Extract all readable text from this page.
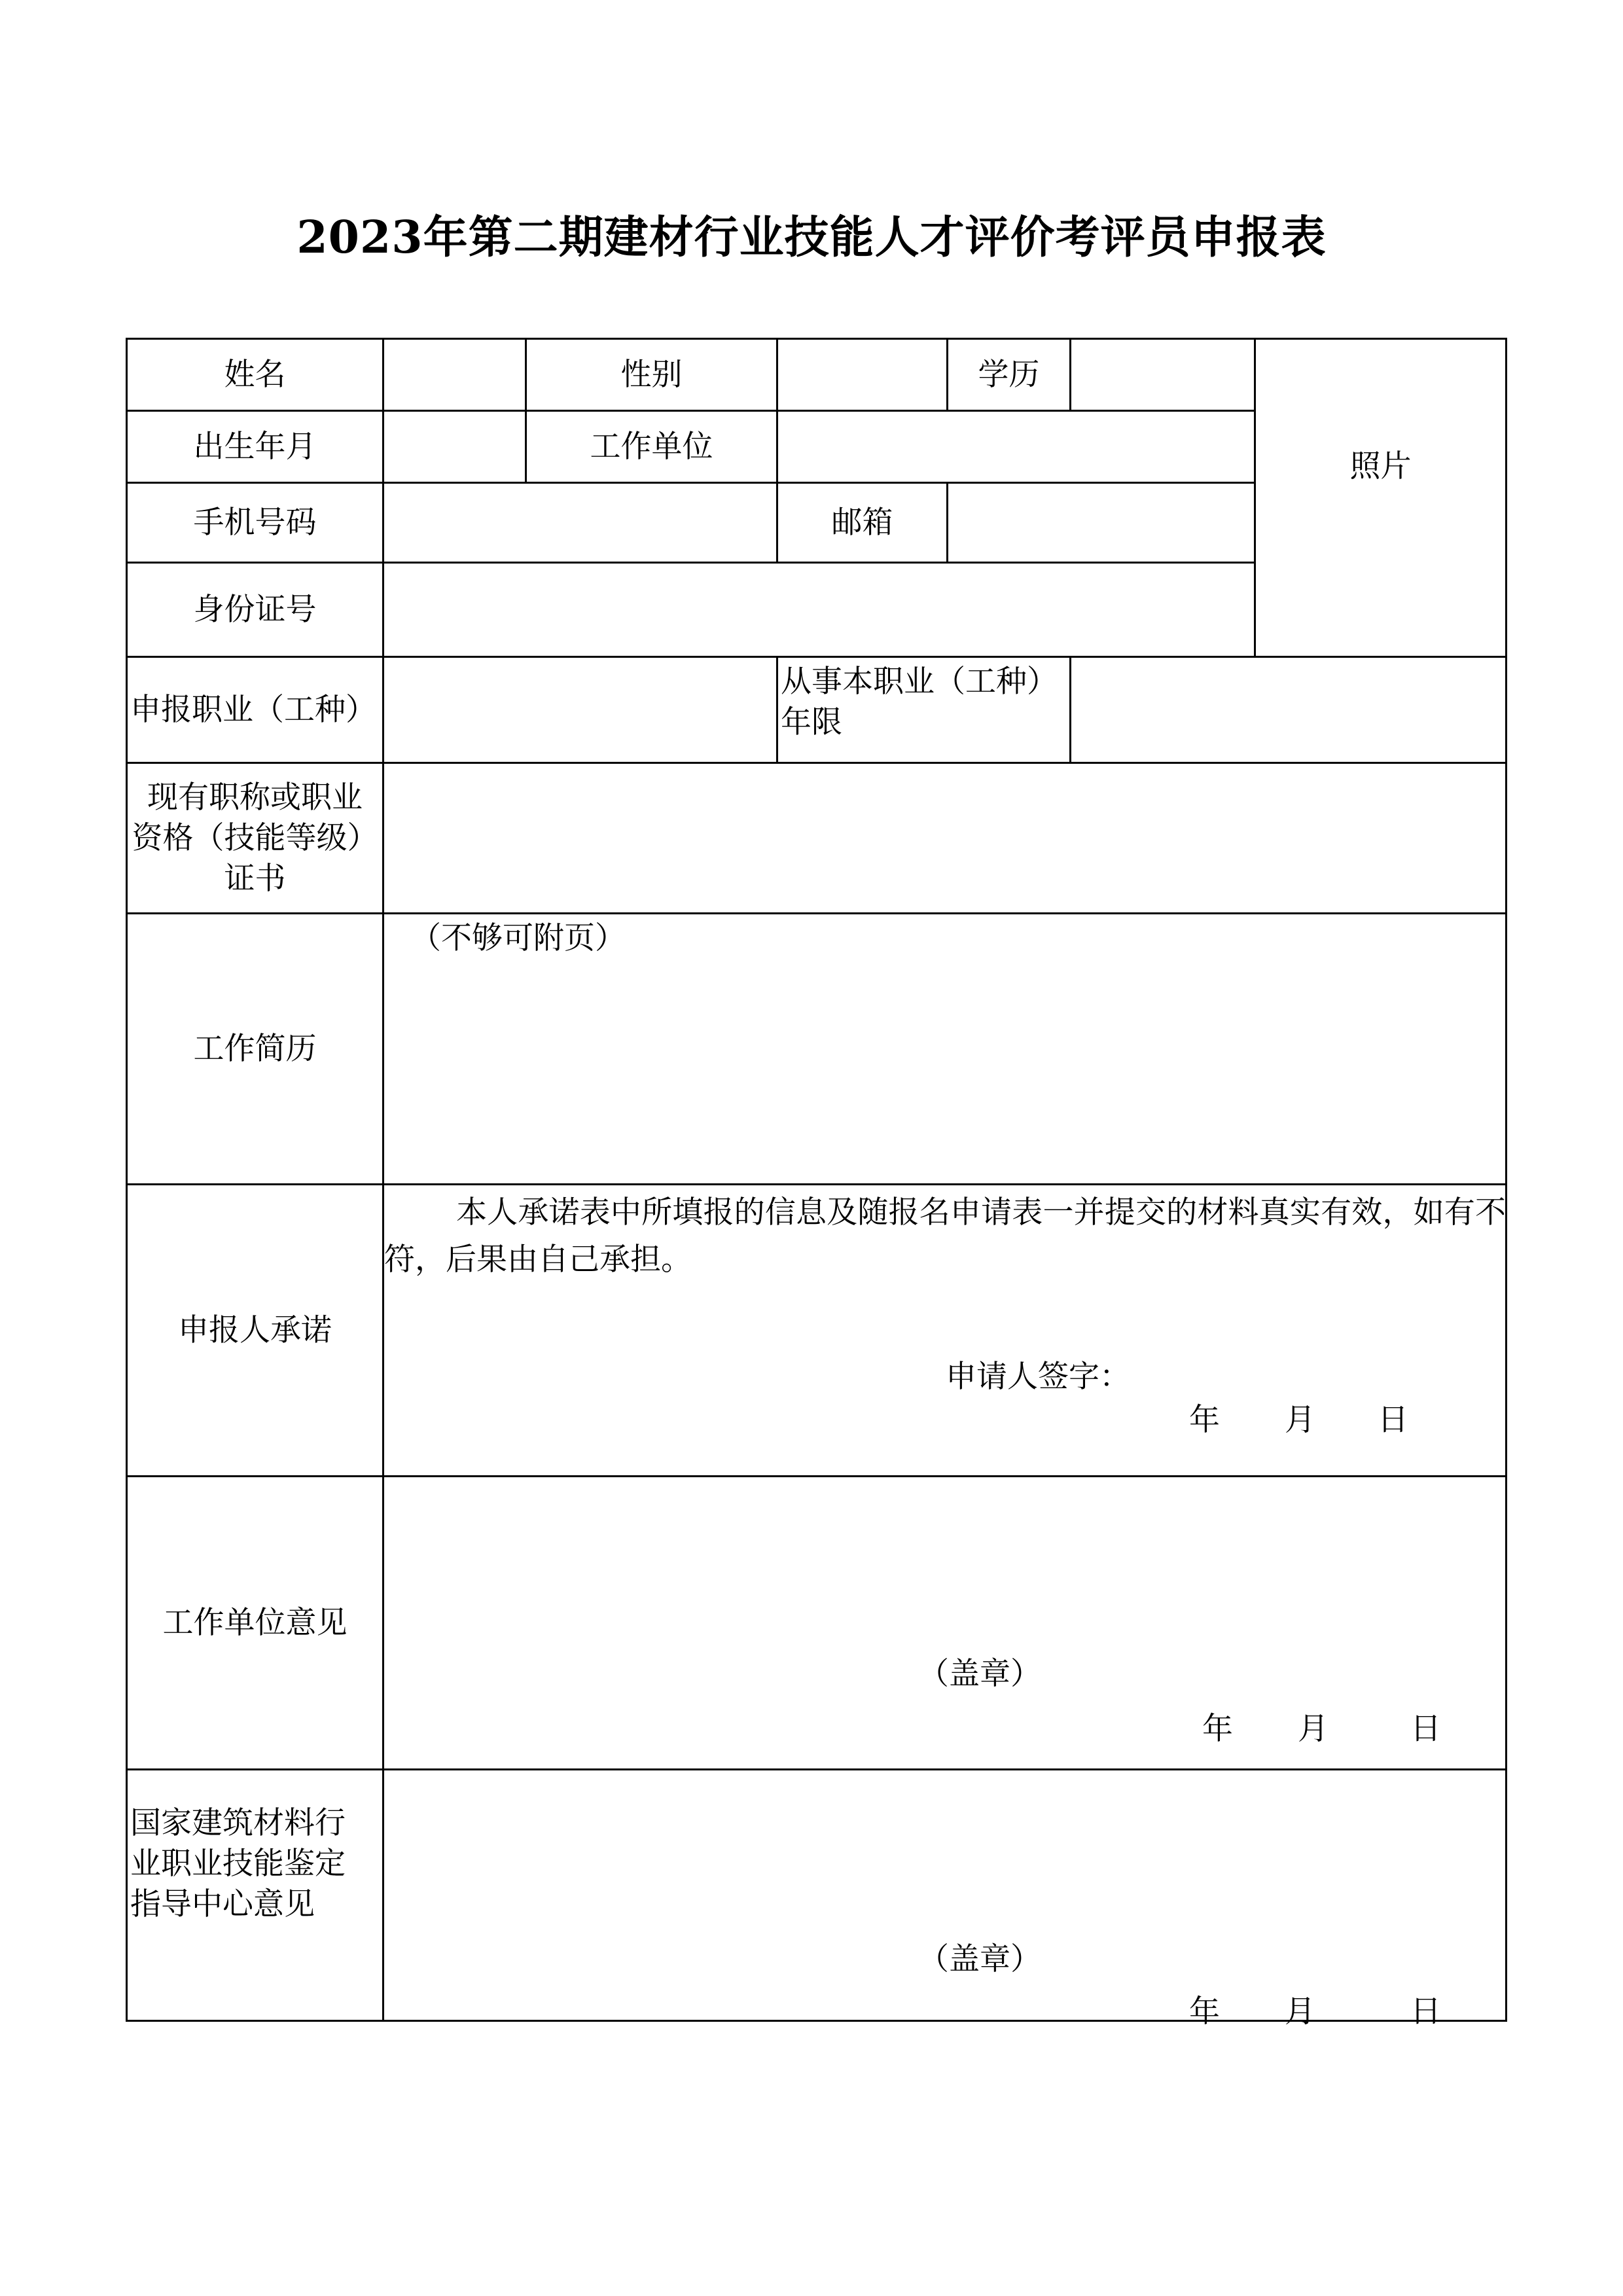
2023年第二期建材行业技能人才评价考评员申报表
姓名		性别		学历		照片
出生年月		工作单位				
手机号码			邮箱			
身份证号						
申报职业（工种）			从事本职业（工种）
年限			

现有职称或职业
资格（技能等级）
证书						

工作简历	（不够可附页）					

申报人承诺	本人承诺表中所填报的信息及随报名申请表一并提交的材料真实有效，如有不符，后果由自己承担。
申请人签字：
年 月 日					

工作单位意见	（盖章）
年 月 日					

国家建筑材料行
业职业技能鉴定
指导中心意见	（盖章）
年 月 日					
